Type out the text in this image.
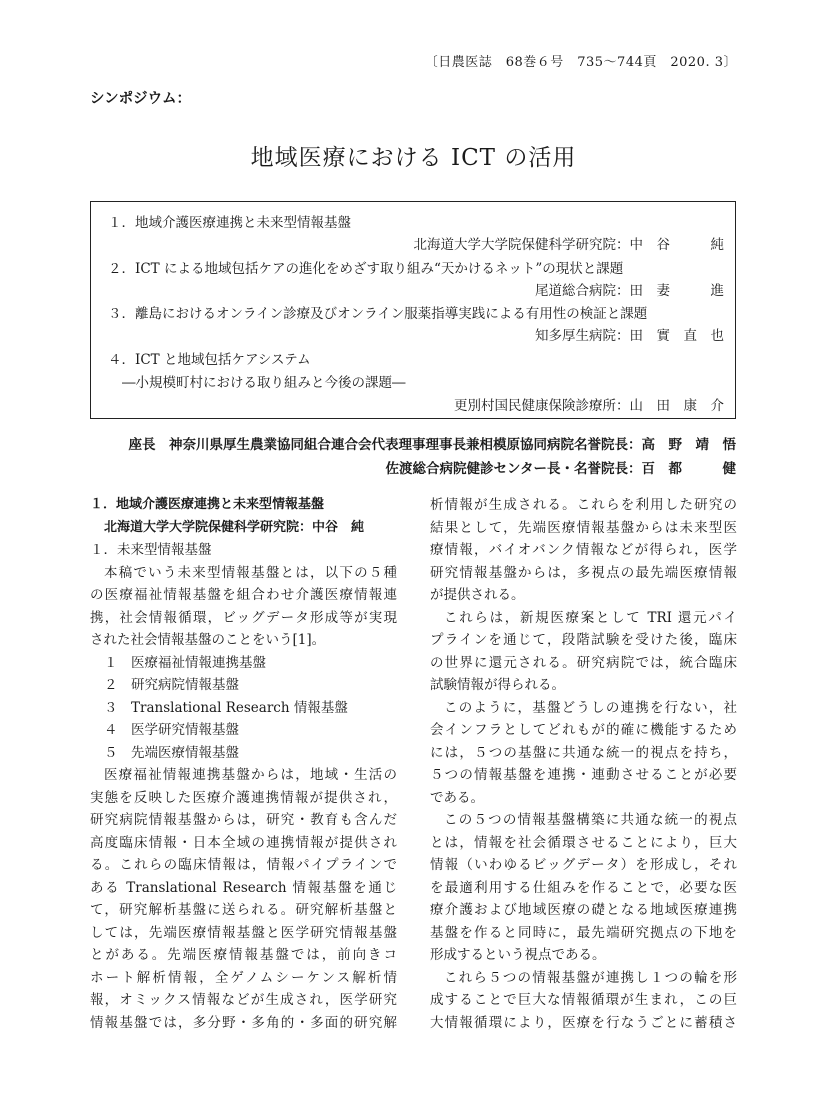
〔日農医誌　68巻６号　735〜744頁　2020. 3〕
シンポジウム：
地域医療における ICT の活用
１．地域介護医療連携と未来型情報基盤
北海道大学大学院保健科学研究院：中　谷　　　純
２．ICT による地域包括ケアの進化をめざす取り組み“天かけるネット”の現状と課題
尾道総合病院：田　妻　　　進
３．離島におけるオンライン診療及びオンライン服薬指導実践による有用性の検証と課題
知多厚生病院：田　實　直　也
４．ICT と地域包括ケアシステム
―小規模町村における取り組みと今後の課題―
更別村国民健康保険診療所：山　田　康　介
座長　神奈川県厚生農業協同組合連合会代表理事理事長兼相模原協同病院名誉院長：高　野　靖　悟
佐渡総合病院健診センター長・名誉院長：百　都　　　健
１．地域介護医療連携と未来型情報基盤
北海道大学大学院保健科学研究院：中谷　純
１．未来型情報基盤
本稿でいう未来型情報基盤とは，以下の５種
の医療福祉情報基盤を組合わせ介護医療情報連
携，社会情報循環，ビッグデータ形成等が実現
された社会情報基盤のことをいう[1]。
１　医療福祉情報連携基盤
２　研究病院情報基盤
３　Translational Research 情報基盤
４　医学研究情報基盤
５　先端医療情報基盤
医療福祉情報連携基盤からは，地域・生活の
実態を反映した医療介護連携情報が提供され，
研究病院情報基盤からは，研究・教育も含んだ
高度臨床情報・日本全域の連携情報が提供され
る。これらの臨床情報は，情報パイプラインで
ある Translational Research 情報基盤を通じ
て，研究解析基盤に送られる。研究解析基盤と
しては，先端医療情報基盤と医学研究情報基盤
とがある。先端医療情報基盤では，前向きコ
ホート解析情報，全ゲノムシーケンス解析情
報，オミックス情報などが生成され，医学研究
情報基盤では，多分野・多角的・多面的研究解
析情報が生成される。これらを利用した研究の
結果として，先端医療情報基盤からは未来型医
療情報，バイオバンク情報などが得られ，医学
研究情報基盤からは，多視点の最先端医療情報
が提供される。
これらは，新規医療案として TRI 還元パイ
プラインを通じて，段階試験を受けた後，臨床
の世界に還元される。研究病院では，統合臨床
試験情報が得られる。
このように，基盤どうしの連携を行ない，社
会インフラとしてどれもが的確に機能するため
には，５つの基盤に共通な統一的視点を持ち，
５つの情報基盤を連携・連動させることが必要
である。
この５つの情報基盤構築に共通な統一的視点
とは，情報を社会循環させることにより，巨大
情報（いわゆるビッグデータ）を形成し，それ
を最適利用する仕組みを作ることで，必要な医
療介護および地域医療の礎となる地域医療連携
基盤を作ると同時に，最先端研究拠点の下地を
形成するという視点である。
これら５つの情報基盤が連携し１つの輪を形
成することで巨大な情報循環が生まれ，この巨
大情報循環により，医療を行なうごとに蓄積さ
